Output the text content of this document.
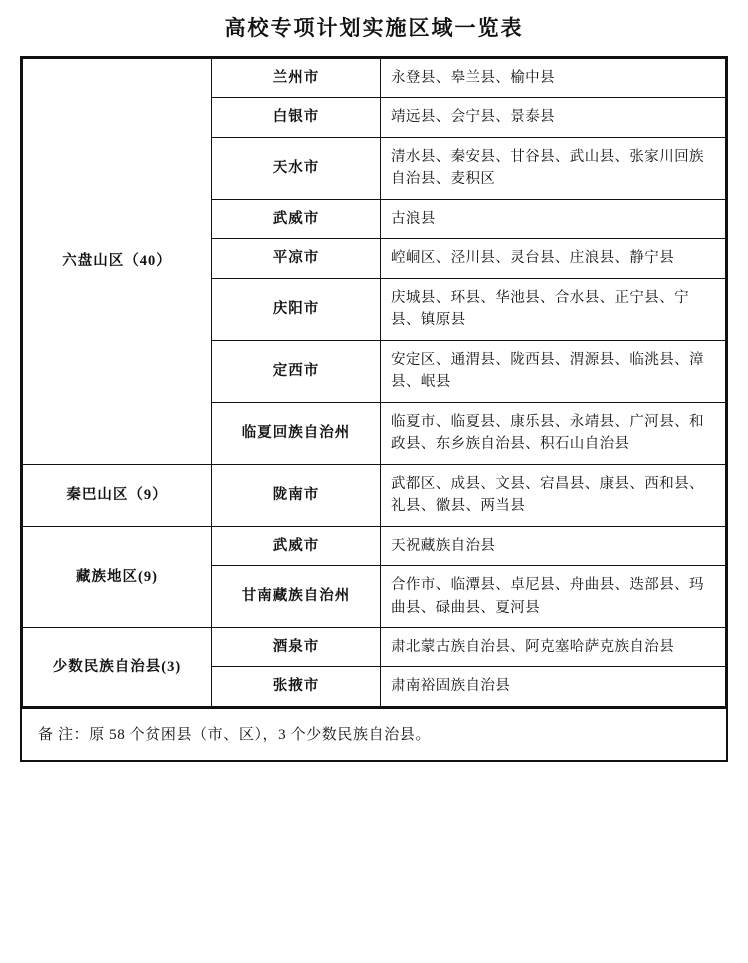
高校专项计划实施区域一览表
六盘山区（40）	兰州市	永登县、皋兰县、榆中县
	白银市	靖远县、会宁县、景泰县
	天水市	清水县、秦安县、甘谷县、武山县、张家川回族自治县、麦积区
	武威市	古浪县
	平凉市	崆峒区、泾川县、灵台县、庄浪县、静宁县
	庆阳市	庆城县、环县、华池县、合水县、正宁县、宁县、镇原县
	定西市	安定区、通渭县、陇西县、渭源县、临洮县、漳县、岷县
	临夏回族自治州	临夏市、临夏县、康乐县、永靖县、广河县、和政县、东乡族自治县、积石山自治县
秦巴山区（9）	陇南市	武都区、成县、文县、宕昌县、康县、西和县、礼县、徽县、两当县
藏族地区(9)	武威市	天祝藏族自治县
	甘南藏族自治州	合作市、临潭县、卓尼县、舟曲县、迭部县、玛曲县、碌曲县、夏河县
少数民族自治县(3)	酒泉市	肃北蒙古族自治县、阿克塞哈萨克族自治县
	张掖市	肃南裕固族自治县
备 注：原 58 个贫困县（市、区），3 个少数民族自治县。
